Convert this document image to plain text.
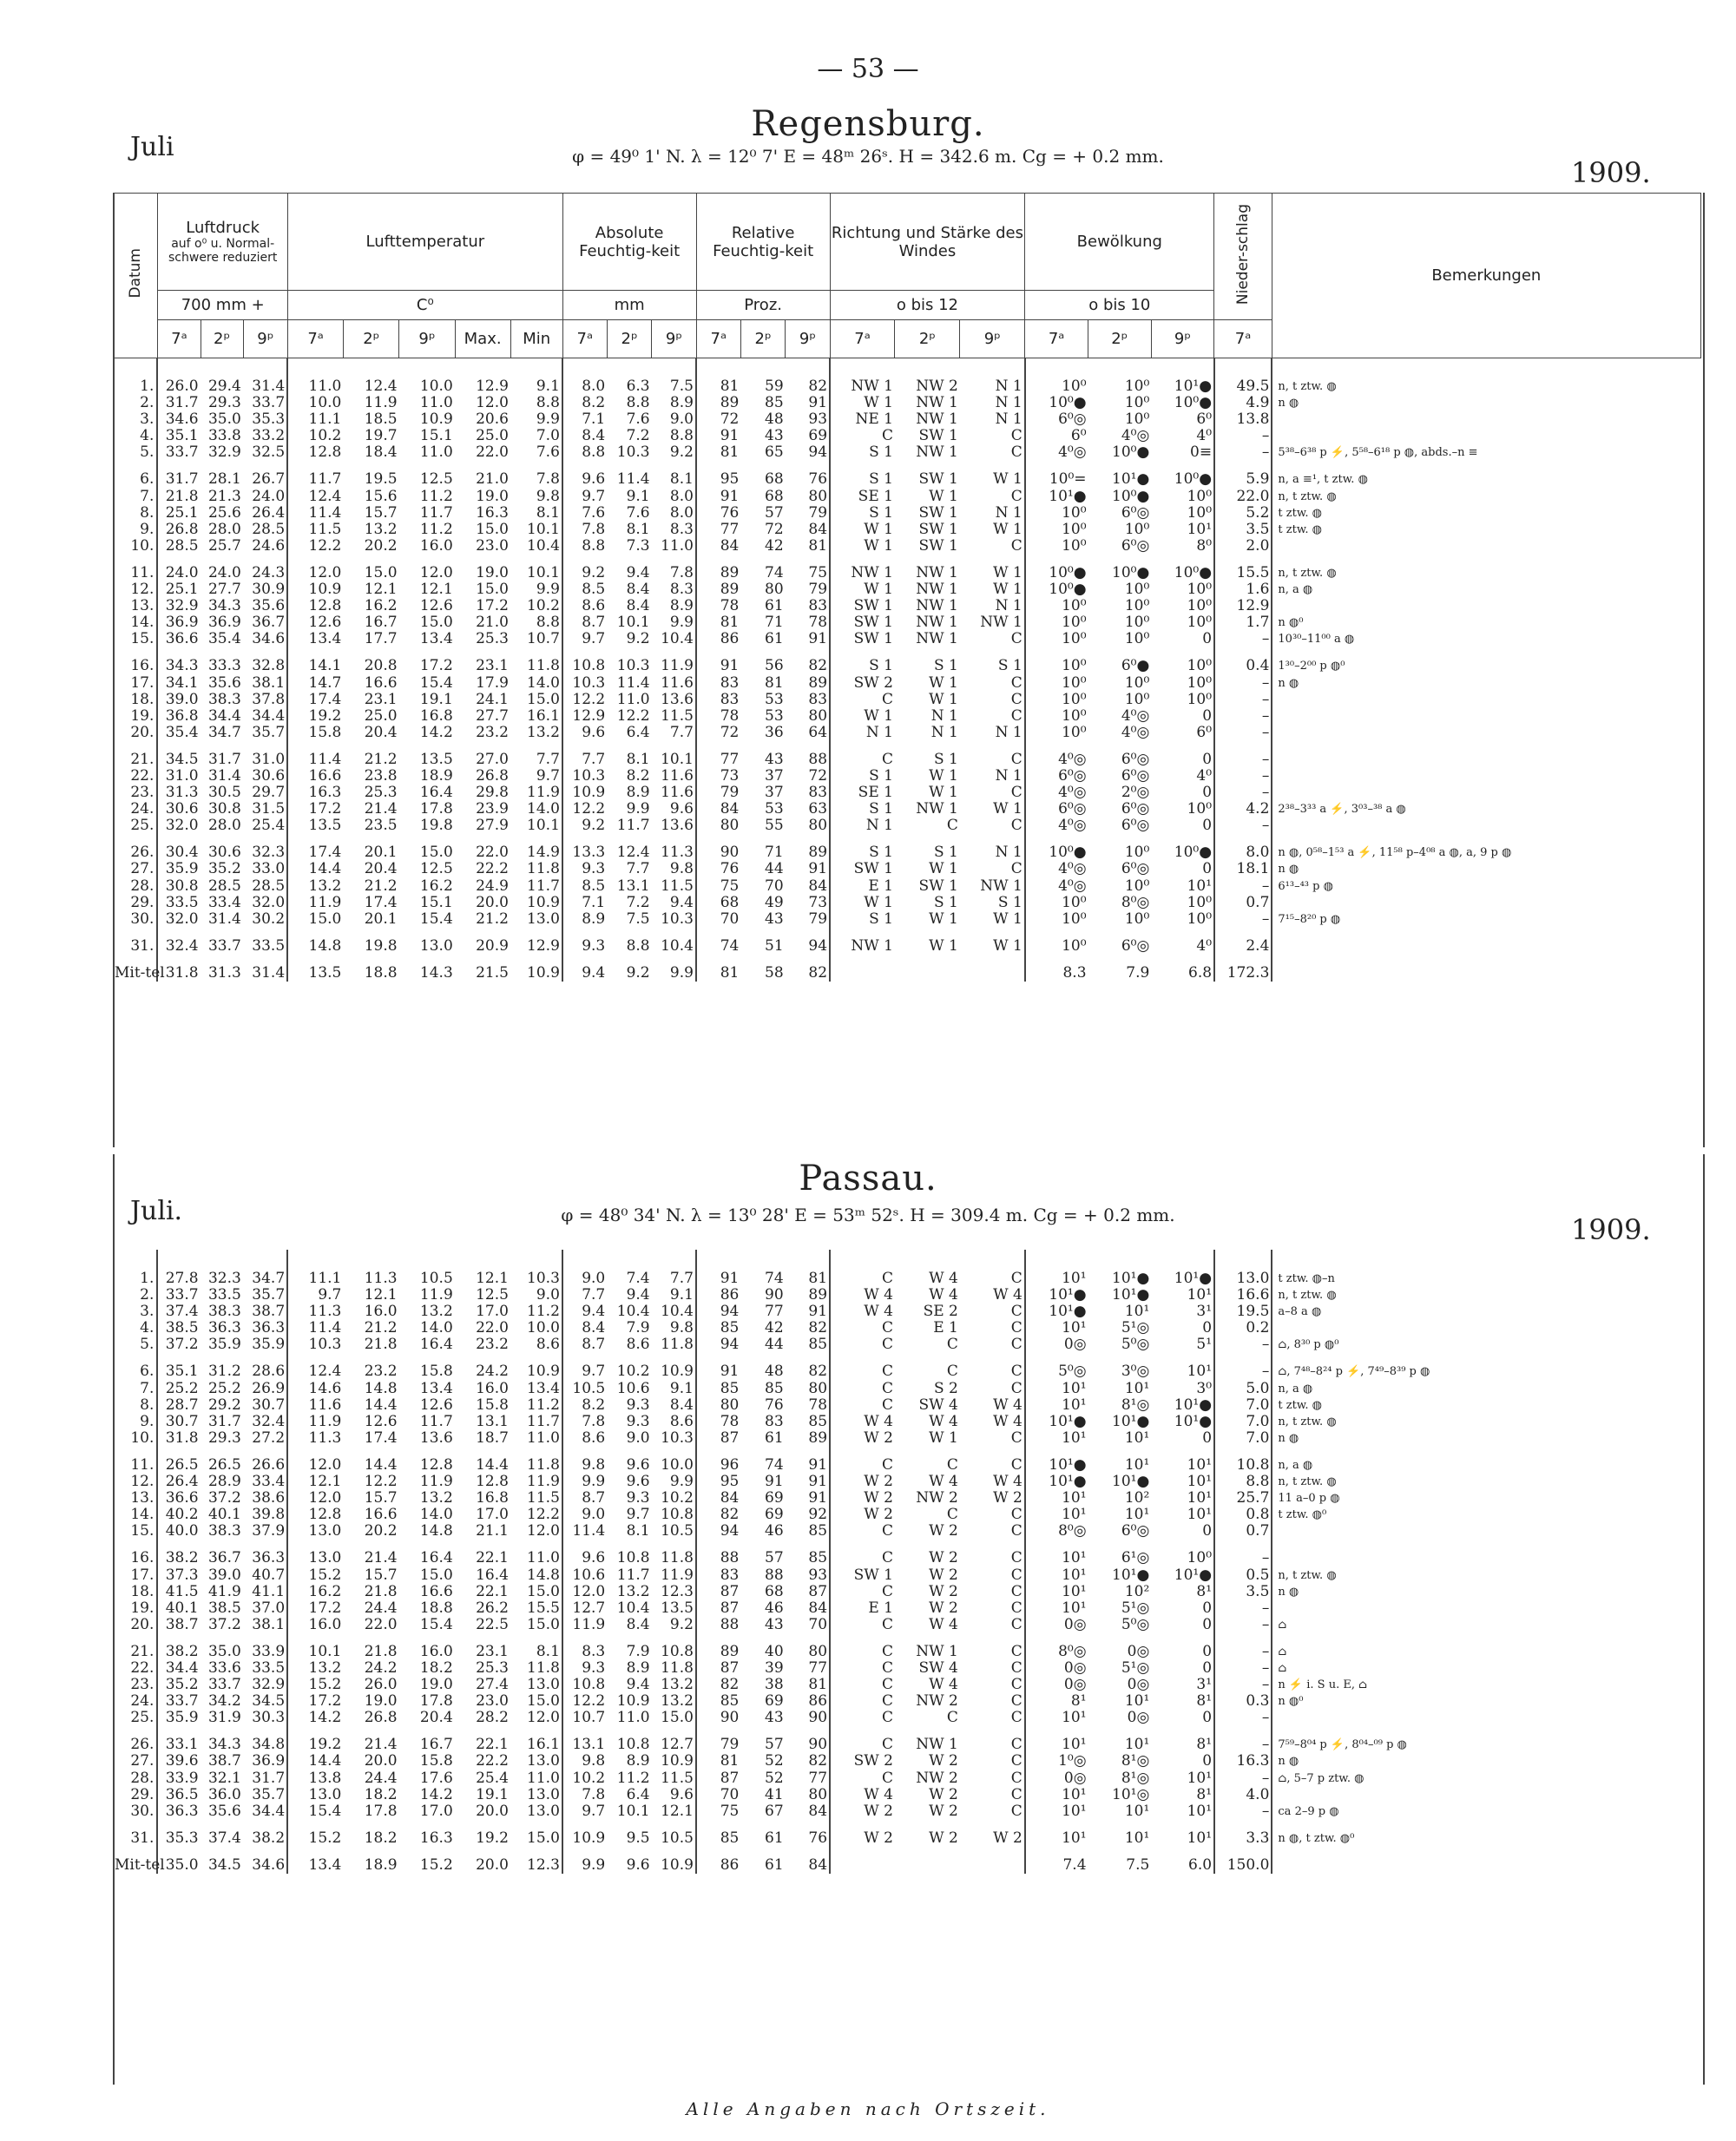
— 53 —
Regensburg.
Juli	φ = 49⁰ 1' N. λ = 12⁰ 7' E = 48ᵐ 26ˢ. H = 342.6 m. Cg = + 0.2 mm.	1909.
Datum	Luftdruck
auf o⁰ u. Normal-schwere reduziert			Lufttemperatur					Absolute Feuchtig-keit			Relative Feuchtig-keit			Richtung und Stärke des Windes			Bewölkung			Nieder-schlag	Bemerkungen
	700 mm +			C⁰					mm			Proz.			o bis 12			o bis 10				
	7ᵃ	2ᵖ	9ᵖ	7ᵃ	2ᵖ	9ᵖ	Max.	Min	7ᵃ	2ᵖ	9ᵖ	7ᵃ	2ᵖ	9ᵖ	7ᵃ	2ᵖ	9ᵖ	7ᵃ	2ᵖ	9ᵖ	7ᵃ	
1.	26.0	29.4	31.4	11.0	12.4	10.0	12.9	9.1	8.0	6.3	7.5	81	59	82	NW 1	NW 2	N 1	10⁰	10⁰	10¹●	49.5	n, t ztw. ◍
2.	31.7	29.3	33.7	10.0	11.9	11.0	12.0	8.8	8.2	8.8	8.9	89	85	91	W 1	NW 1	N 1	10⁰●	10⁰	10⁰●	4.9	n ◍
3.	34.6	35.0	35.3	11.1	18.5	10.9	20.6	9.9	7.1	7.6	9.0	72	48	93	NE 1	NW 1	N 1	6⁰◎	10⁰	6⁰	13.8	
4.	35.1	33.8	33.2	10.2	19.7	15.1	25.0	7.0	8.4	7.2	8.8	91	43	69	C	SW 1	C	6⁰	4⁰◎	4⁰	–	
5.	33.7	32.9	32.5	12.8	18.4	11.0	22.0	7.6	8.8	10.3	9.2	81	65	94	S 1	NW 1	C	4⁰◎	10⁰●	0≡	–	5³⁸–6³⁸ p ⚡, 5⁵⁸–6¹⁸ p ◍, abds.–n ≡
6.	31.7	28.1	26.7	11.7	19.5	12.5	21.0	7.8	9.6	11.4	8.1	95	68	76	S 1	SW 1	W 1	10⁰=	10¹●	10⁰●	5.9	n, a ≡¹, t ztw. ◍
7.	21.8	21.3	24.0	12.4	15.6	11.2	19.0	9.8	9.7	9.1	8.0	91	68	80	SE 1	W 1	C	10¹●	10⁰●	10⁰	22.0	n, t ztw. ◍
8.	25.1	25.6	26.4	11.4	15.7	11.7	16.3	8.1	7.6	7.6	8.0	76	57	79	S 1	SW 1	N 1	10⁰	6⁰◎	10⁰	5.2	t ztw. ◍
9.	26.8	28.0	28.5	11.5	13.2	11.2	15.0	10.1	7.8	8.1	8.3	77	72	84	W 1	SW 1	W 1	10⁰	10⁰	10¹	3.5	t ztw. ◍
10.	28.5	25.7	24.6	12.2	20.2	16.0	23.0	10.4	8.8	7.3	11.0	84	42	81	W 1	SW 1	C	10⁰	6⁰◎	8⁰	2.0	
11.	24.0	24.0	24.3	12.0	15.0	12.0	19.0	10.1	9.2	9.4	7.8	89	74	75	NW 1	NW 1	W 1	10⁰●	10⁰●	10⁰●	15.5	n, t ztw. ◍
12.	25.1	27.7	30.9	10.9	12.1	12.1	15.0	9.9	8.5	8.4	8.3	89	80	79	W 1	NW 1	W 1	10⁰●	10⁰	10⁰	1.6	n, a ◍
13.	32.9	34.3	35.6	12.8	16.2	12.6	17.2	10.2	8.6	8.4	8.9	78	61	83	SW 1	NW 1	N 1	10⁰	10⁰	10⁰	12.9	
14.	36.9	36.9	36.7	12.6	16.7	15.0	21.0	8.8	8.7	10.1	9.9	81	71	78	SW 1	NW 1	NW 1	10⁰	10⁰	10⁰	1.7	n ◍⁰
15.	36.6	35.4	34.6	13.4	17.7	13.4	25.3	10.7	9.7	9.2	10.4	86	61	91	SW 1	NW 1	C	10⁰	10⁰	0	–	10³⁰–11⁰⁰ a ◍
16.	34.3	33.3	32.8	14.1	20.8	17.2	23.1	11.8	10.8	10.3	11.9	91	56	82	S 1	S 1	S 1	10⁰	6⁰●	10⁰	0.4	1³⁰–2⁰⁰ p ◍⁰
17.	34.1	35.6	38.1	14.7	16.6	15.4	17.9	14.0	10.3	11.4	11.6	83	81	89	SW 2	W 1	C	10⁰	10⁰	10⁰	–	n ◍
18.	39.0	38.3	37.8	17.4	23.1	19.1	24.1	15.0	12.2	11.0	13.6	83	53	83	C	W 1	C	10⁰	10⁰	10⁰	–	
19.	36.8	34.4	34.4	19.2	25.0	16.8	27.7	16.1	12.9	12.2	11.5	78	53	80	W 1	N 1	C	10⁰	4⁰◎	0	–	
20.	35.4	34.7	35.7	15.8	20.4	14.2	23.2	13.2	9.6	6.4	7.7	72	36	64	N 1	N 1	N 1	10⁰	4⁰◎	6⁰	–	
21.	34.5	31.7	31.0	11.4	21.2	13.5	27.0	7.7	7.7	8.1	10.1	77	43	88	C	S 1	C	4⁰◎	6⁰◎	0	–	
22.	31.0	31.4	30.6	16.6	23.8	18.9	26.8	9.7	10.3	8.2	11.6	73	37	72	S 1	W 1	N 1	6⁰◎	6⁰◎	4⁰	–	
23.	31.3	30.5	29.7	16.3	25.3	16.4	29.8	11.9	10.9	8.9	11.6	79	37	83	SE 1	W 1	C	4⁰◎	2⁰◎	0	–	
24.	30.6	30.8	31.5	17.2	21.4	17.8	23.9	14.0	12.2	9.9	9.6	84	53	63	S 1	NW 1	W 1	6⁰◎	6⁰◎	10⁰	4.2	2³⁸–3³³ a ⚡, 3⁰³–³⁸ a ◍
25.	32.0	28.0	25.4	13.5	23.5	19.8	27.9	10.1	9.2	11.7	13.6	80	55	80	N 1	C	C	4⁰◎	6⁰◎	0	–	
26.	30.4	30.6	32.3	17.4	20.1	15.0	22.0	14.9	13.3	12.4	11.3	90	71	89	S 1	S 1	N 1	10⁰●	10⁰	10⁰●	8.0	n ◍, 0⁵⁸–1⁵³ a ⚡, 11⁵⁸ p–4⁰⁸ a ◍, a, 9 p ◍
27.	35.9	35.2	33.0	14.4	20.4	12.5	22.2	11.8	9.3	7.7	9.8	76	44	91	SW 1	W 1	C	4⁰◎	6⁰◎	0	18.1	n ◍
28.	30.8	28.5	28.5	13.2	21.2	16.2	24.9	11.7	8.5	13.1	11.5	75	70	84	E 1	SW 1	NW 1	4⁰◎	10⁰	10¹	–	6¹³–⁴³ p ◍
29.	33.5	33.4	32.0	11.9	17.4	15.1	20.0	10.9	7.1	7.2	9.4	68	49	73	W 1	S 1	S 1	10⁰	8⁰◎	10⁰	0.7	
30.	32.0	31.4	30.2	15.0	20.1	15.4	21.2	13.0	8.9	7.5	10.3	70	43	79	S 1	W 1	W 1	10⁰	10⁰	10⁰	–	7¹⁵–8²⁰ p ◍
31.	32.4	33.7	33.5	14.8	19.8	13.0	20.9	12.9	9.3	8.8	10.4	74	51	94	NW 1	W 1	W 1	10⁰	6⁰◎	4⁰	2.4	
Mit-tel	31.8	31.3	31.4	13.5	18.8	14.3	21.5	10.9	9.4	9.2	9.9	81	58	82				8.3	7.9	6.8	172.3	
Passau.
Juli.	φ = 48⁰ 34' N. λ = 13⁰ 28' E = 53ᵐ 52ˢ. H = 309.4 m. Cg = + 0.2 mm.	1909.
1.	27.8	32.3	34.7	11.1	11.3	10.5	12.1	10.3	9.0	7.4	7.7	91	74	81	C	W 4	C	10¹	10¹●	10¹●	13.0	t ztw. ◍–n
2.	33.7	33.5	35.7	9.7	12.1	11.9	12.5	9.0	7.7	9.4	9.1	86	90	89	W 4	W 4	W 4	10¹●	10¹●	10¹	16.6	n, t ztw. ◍
3.	37.4	38.3	38.7	11.3	16.0	13.2	17.0	11.2	9.4	10.4	10.4	94	77	91	W 4	SE 2	C	10¹●	10¹	3¹	19.5	a–8 a ◍
4.	38.5	36.3	36.3	11.4	21.2	14.0	22.0	10.0	8.4	7.9	9.8	85	42	82	C	E 1	C	10¹	5¹◎	0	0.2	
5.	37.2	35.9	35.9	10.3	21.8	16.4	23.2	8.6	8.7	8.6	11.8	94	44	85	C	C	C	0◎	5⁰◎	5¹	–	⌂, 8³⁰ p ◍⁰
6.	35.1	31.2	28.6	12.4	23.2	15.8	24.2	10.9	9.7	10.2	10.9	91	48	82	C	C	C	5⁰◎	3⁰◎	10¹	–	⌂, 7⁴⁸–8²⁴ p ⚡, 7⁴⁹–8³⁹ p ◍
7.	25.2	25.2	26.9	14.6	14.8	13.4	16.0	13.4	10.5	10.6	9.1	85	85	80	C	S 2	C	10¹	10¹	3⁰	5.0	n, a ◍
8.	28.7	29.2	30.7	11.6	14.4	12.6	15.8	11.2	8.2	9.3	8.4	80	76	78	C	SW 4	W 4	10¹	8¹◎	10¹●	7.0	t ztw. ◍
9.	30.7	31.7	32.4	11.9	12.6	11.7	13.1	11.7	7.8	9.3	8.6	78	83	85	W 4	W 4	W 4	10¹●	10¹●	10¹●	7.0	n, t ztw. ◍
10.	31.8	29.3	27.2	11.3	17.4	13.6	18.7	11.0	8.6	9.0	10.3	87	61	89	W 2	W 1	C	10¹	10¹	0	7.0	n ◍
11.	26.5	26.5	26.6	12.0	14.4	12.8	14.4	11.8	9.8	9.6	10.0	96	74	91	C	C	C	10¹●	10¹	10¹	10.8	n, a ◍
12.	26.4	28.9	33.4	12.1	12.2	11.9	12.8	11.9	9.9	9.6	9.9	95	91	91	W 2	W 4	W 4	10¹●	10¹●	10¹	8.8	n, t ztw. ◍
13.	36.6	37.2	38.6	12.0	15.7	13.2	16.8	11.5	8.7	9.3	10.2	84	69	91	W 2	NW 2	W 2	10¹	10²	10¹	25.7	11 a–0 p ◍
14.	40.2	40.1	39.8	12.8	16.6	14.0	17.0	12.2	9.0	9.7	10.8	82	69	92	W 2	C	C	10¹	10¹	10¹	0.8	t ztw. ◍⁰
15.	40.0	38.3	37.9	13.0	20.2	14.8	21.1	12.0	11.4	8.1	10.5	94	46	85	C	W 2	C	8⁰◎	6⁰◎	0	0.7	
16.	38.2	36.7	36.3	13.0	21.4	16.4	22.1	11.0	9.6	10.8	11.8	88	57	85	C	W 2	C	10¹	6¹◎	10⁰	–	
17.	37.3	39.0	40.7	15.2	15.7	15.0	16.4	14.8	10.6	11.7	11.9	83	88	93	SW 1	W 2	C	10¹	10¹●	10¹●	0.5	n, t ztw. ◍
18.	41.5	41.9	41.1	16.2	21.8	16.6	22.1	15.0	12.0	13.2	12.3	87	68	87	C	W 2	C	10¹	10²	8¹	3.5	n ◍
19.	40.1	38.5	37.0	17.2	24.4	18.8	26.2	15.5	12.7	10.4	13.5	87	46	84	E 1	W 2	C	10¹	5¹◎	0	–	
20.	38.7	37.2	38.1	16.0	22.0	15.4	22.5	15.0	11.9	8.4	9.2	88	43	70	C	W 4	C	0◎	5⁰◎	0	–	⌂
21.	38.2	35.0	33.9	10.1	21.8	16.0	23.1	8.1	8.3	7.9	10.8	89	40	80	C	NW 1	C	8⁰◎	0◎	0	–	⌂
22.	34.4	33.6	33.5	13.2	24.2	18.2	25.3	11.8	9.3	8.9	11.8	87	39	77	C	SW 4	C	0◎	5¹◎	0	–	⌂
23.	35.2	33.7	32.9	15.2	26.0	19.0	27.4	13.0	10.8	9.4	13.2	82	38	81	C	W 4	C	0◎	0◎	3¹	–	n ⚡ i. S u. E, ⌂
24.	33.7	34.2	34.5	17.2	19.0	17.8	23.0	15.0	12.2	10.9	13.2	85	69	86	C	NW 2	C	8¹	10¹	8¹	0.3	n ◍⁰
25.	35.9	31.9	30.3	14.2	26.8	20.4	28.2	12.0	10.7	11.0	15.0	90	43	90	C	C	C	10¹	0◎	0	–	
26.	33.1	34.3	34.8	19.2	21.4	16.7	22.1	16.1	13.1	10.8	12.7	79	57	90	C	NW 1	C	10¹	10¹	8¹	–	7⁵⁹–8⁰⁴ p ⚡, 8⁰⁴–⁰⁹ p ◍
27.	39.6	38.7	36.9	14.4	20.0	15.8	22.2	13.0	9.8	8.9	10.9	81	52	82	SW 2	W 2	C	1⁰◎	8¹◎	0	16.3	n ◍
28.	33.9	32.1	31.7	13.8	24.4	17.6	25.4	11.0	10.2	11.2	11.5	87	52	77	C	NW 2	C	0◎	8¹◎	10¹	–	⌂, 5–7 p ztw. ◍
29.	36.5	36.0	35.7	13.0	18.2	14.2	19.1	13.0	7.8	6.4	9.6	70	41	80	W 4	W 2	C	10¹	10¹◎	8¹	4.0	
30.	36.3	35.6	34.4	15.4	17.8	17.0	20.0	13.0	9.7	10.1	12.1	75	67	84	W 2	W 2	C	10¹	10¹	10¹	–	ca 2–9 p ◍
31.	35.3	37.4	38.2	15.2	18.2	16.3	19.2	15.0	10.9	9.5	10.5	85	61	76	W 2	W 2	W 2	10¹	10¹	10¹	3.3	n ◍, t ztw. ◍⁰
Mit-tel	35.0	34.5	34.6	13.4	18.9	15.2	20.0	12.3	9.9	9.6	10.9	86	61	84				7.4	7.5	6.0	150.0	
Alle Angaben nach Ortszeit.
